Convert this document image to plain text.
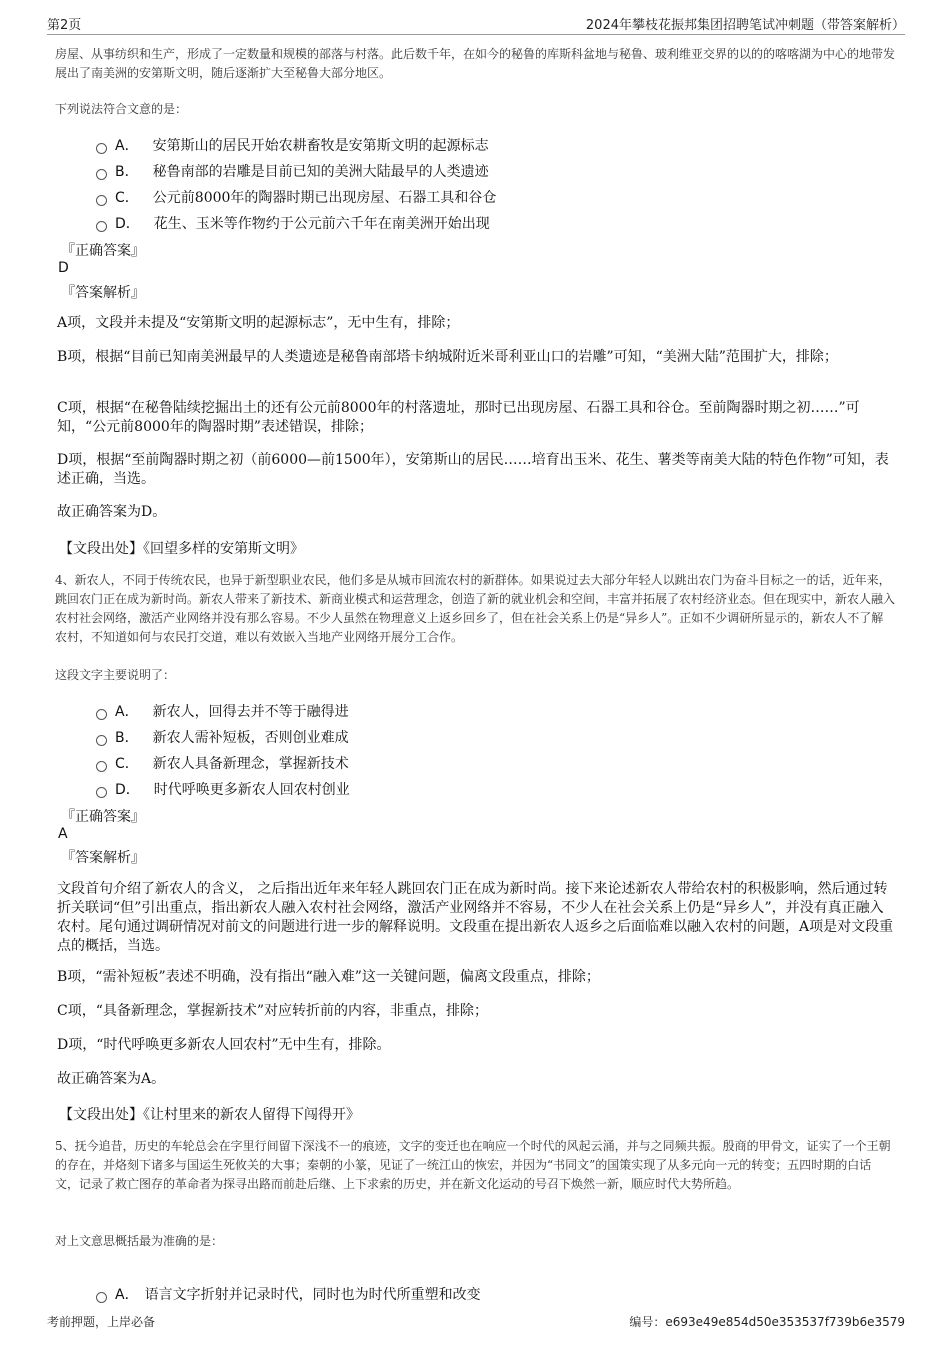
第2页	2024年攀枝花振邦集团招聘笔试冲刺题（带答案解析）
房屋、从事纺织和生产，形成了一定数量和规模的部落与村落。此后数千年，在如今的秘鲁的库斯科盆地与秘鲁、玻利维亚交界的以的的喀喀湖为中心的地带发展出了南美洲的安第斯文明，随后逐渐扩大至秘鲁大部分地区。
下列说法符合文意的是：
A． 安第斯山的居民开始农耕畜牧是安第斯文明的起源标志
B． 秘鲁南部的岩雕是目前已知的美洲大陆最早的人类遗迹
C． 公元前8000年的陶器时期已出现房屋、石器工具和谷仓
D． 花生、玉米等作物约于公元前六千年在南美洲开始出现
『正确答案』
D
『答案解析』
A项，文段并未提及“安第斯文明的起源标志”，无中生有，排除；
B项，根据“目前已知南美洲最早的人类遗迹是秘鲁南部塔卡纳城附近米哥利亚山口的岩雕”可知，“美洲大陆”范围扩大，排除；
C项，根据“在秘鲁陆续挖掘出土的还有公元前8000年的村落遗址，那时已出现房屋、石器工具和谷仓。至前陶器时期之初……”可知，“公元前8000年的陶器时期”表述错误，排除；
D项，根据“至前陶器时期之初（前6000—前1500年），安第斯山的居民……培育出玉米、花生、薯类等南美大陆的特色作物”可知，表述正确，当选。
故正确答案为D。
【文段出处】《回望多样的安第斯文明》
4、新农人，不同于传统农民，也异于新型职业农民，他们多是从城市回流农村的新群体。如果说过去大部分年轻人以跳出农门为奋斗目标之一的话，近年来，跳回农门正在成为新时尚。新农人带来了新技术、新商业模式和运营理念，创造了新的就业机会和空间，丰富并拓展了农村经济业态。但在现实中，新农人融入农村社会网络，激活产业网络并没有那么容易。不少人虽然在物理意义上返乡回乡了，但在社会关系上仍是“异乡人”。正如不少调研所显示的，新农人不了解农村，不知道如何与农民打交道，难以有效嵌入当地产业网络开展分工合作。
这段文字主要说明了：
A． 新农人，回得去并不等于融得进
B． 新农人需补短板，否则创业难成
C． 新农人具备新理念，掌握新技术
D． 时代呼唤更多新农人回农村创业
『正确答案』
A
『答案解析』
文段首句介绍了新农人的含义， 之后指出近年来年轻人跳回农门正在成为新时尚。接下来论述新农人带给农村的积极影响，然后通过转折关联词“但”引出重点，指出新农人融入农村社会网络，激活产业网络并不容易，不少人在社会关系上仍是“异乡人”，并没有真正融入农村。尾句通过调研情况对前文的问题进行进一步的解释说明。文段重在提出新农人返乡之后面临难以融入农村的问题，A项是对文段重点的概括，当选。
B项，“需补短板”表述不明确，没有指出“融入难”这一关键问题，偏离文段重点，排除；
C项，“具备新理念，掌握新技术”对应转折前的内容，非重点，排除；
D项，“时代呼唤更多新农人回农村”无中生有，排除。
故正确答案为A。
【文段出处】《让村里来的新农人留得下闯得开》
5、抚今追昔，历史的车轮总会在字里行间留下深浅不一的痕迹，文字的变迁也在响应一个时代的风起云涌，并与之同频共振。殷商的甲骨文，证实了一个王朝的存在，并烙刻下诸多与国运生死攸关的大事；秦朝的小篆，见证了一统江山的恢宏，并因为“书同文”的国策实现了从多元向一元的转变；五四时期的白话文，记录了救亡图存的革命者为探寻出路而前赴后继、上下求索的历史，并在新文化运动的号召下焕然一新，顺应时代大势所趋。
对上文意思概括最为准确的是：
A． 语言文字折射并记录时代，同时也为时代所重塑和改变
考前押题，上岸必备	编号：e693e49e854d50e353537f739b6e3579
